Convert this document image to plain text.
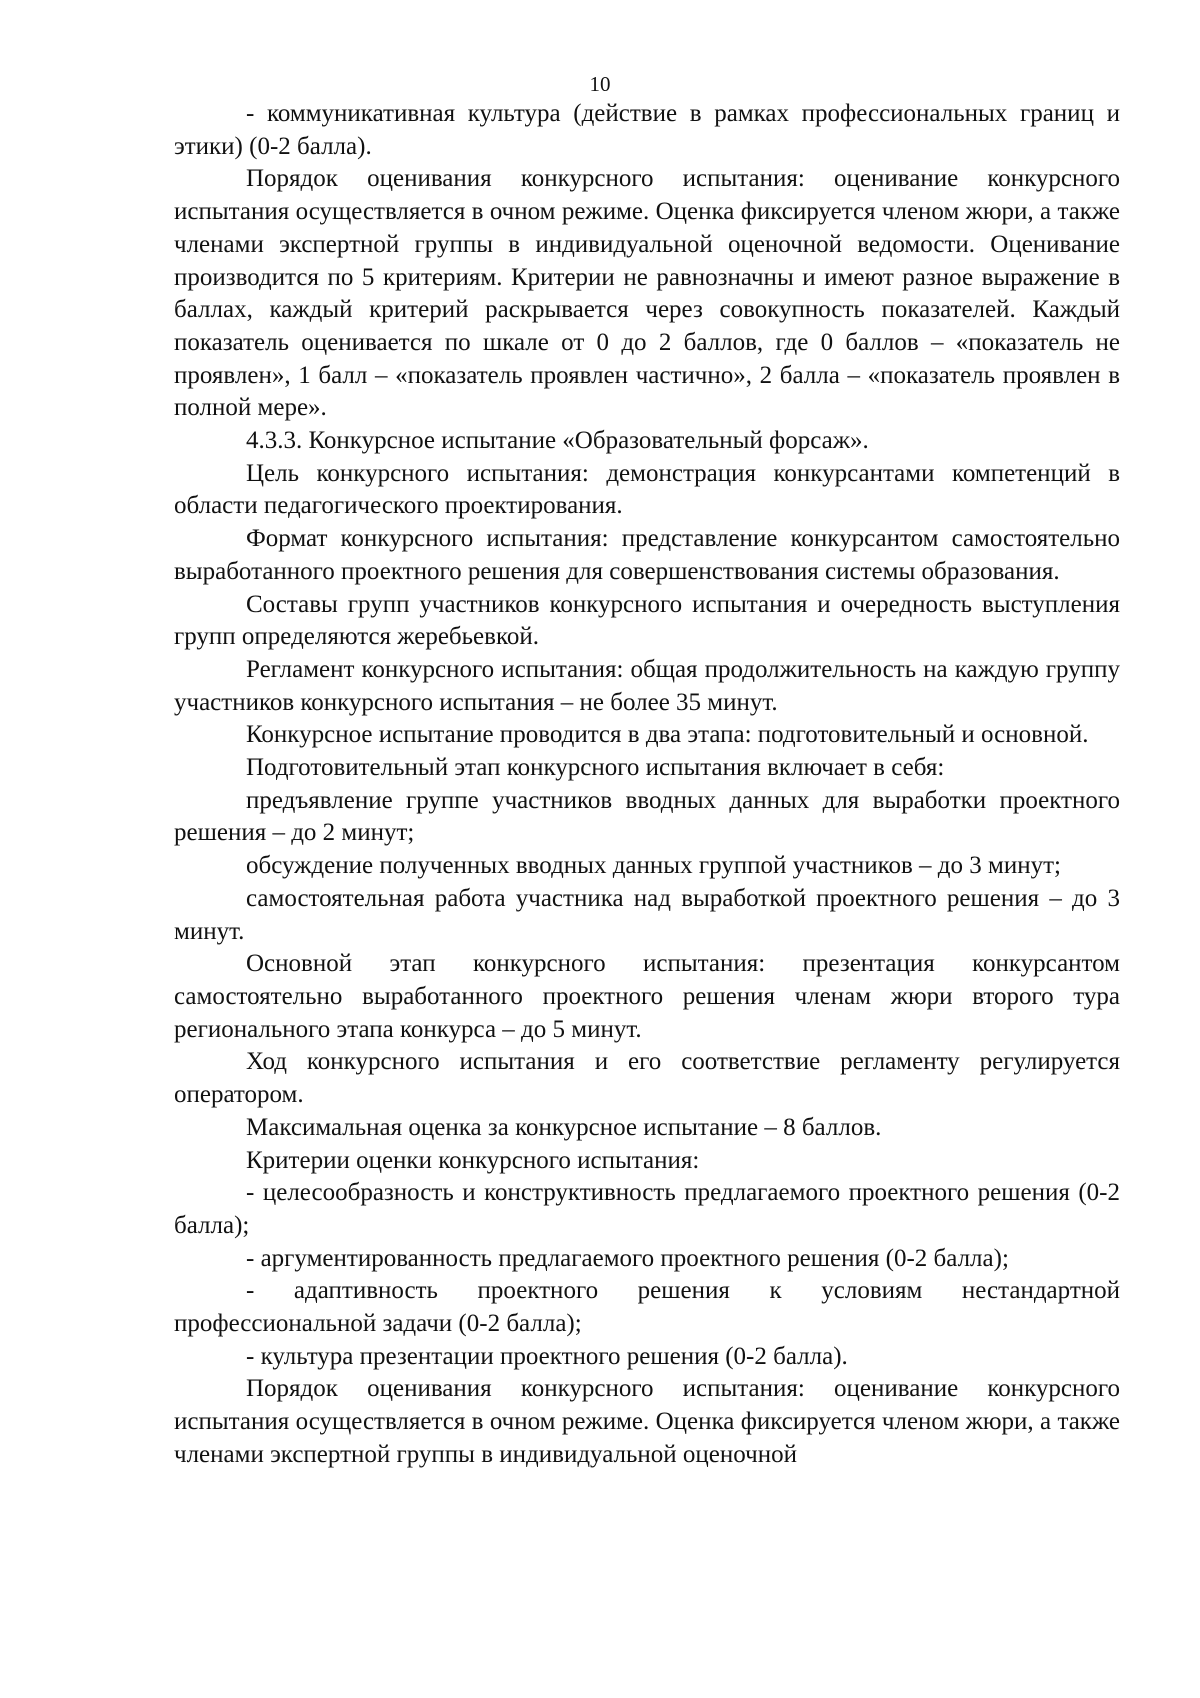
10

- коммуникативная культура (действие в рамках профессиональных границ и этики) (0-2 балла).

Порядок оценивания конкурсного испытания: оценивание конкурсного испытания осуществляется в очном режиме. Оценка фиксируется членом жюри, а также членами экспертной группы в индивидуальной оценочной ведомости. Оценивание производится по 5 критериям. Критерии не равнозначны и имеют разное выражение в баллах, каждый критерий раскрывается через совокупность показателей. Каждый показатель оценивается по шкале от 0 до 2 баллов, где 0 баллов – «показатель не проявлен», 1 балл – «показатель проявлен частично», 2 балла – «показатель проявлен в полной мере».

4.3.3. Конкурсное испытание «Образовательный форсаж».

Цель конкурсного испытания: демонстрация конкурсантами компетенций в области педагогического проектирования.

Формат конкурсного испытания: представление конкурсантом самостоятельно выработанного проектного решения для совершенствования системы образования.

Составы групп участников конкурсного испытания и очередность выступления групп определяются жеребьевкой.

Регламент конкурсного испытания: общая продолжительность на каждую группу участников конкурсного испытания – не более 35 минут.

Конкурсное испытание проводится в два этапа: подготовительный и основной.

Подготовительный этап конкурсного испытания включает в себя:

предъявление группе участников вводных данных для выработки проектного решения – до 2 минут;

обсуждение полученных вводных данных группой участников – до 3 минут;

самостоятельная работа участника над выработкой проектного решения – до 3 минут.

Основной этап конкурсного испытания: презентация конкурсантом самостоятельно выработанного проектного решения членам жюри второго тура регионального этапа конкурса – до 5 минут.

Ход конкурсного испытания и его соответствие регламенту регулируется оператором.

Максимальная оценка за конкурсное испытание – 8 баллов.

Критерии оценки конкурсного испытания:

- целесообразность и конструктивность предлагаемого проектного решения (0-2 балла);

- аргументированность предлагаемого проектного решения (0-2 балла);

- адаптивность проектного решения к условиям нестандартной профессиональной задачи (0-2 балла);

- культура презентации проектного решения (0-2 балла).

Порядок оценивания конкурсного испытания: оценивание конкурсного испытания осуществляется в очном режиме. Оценка фиксируется членом жюри, а также членами экспертной группы в индивидуальной оценочной
